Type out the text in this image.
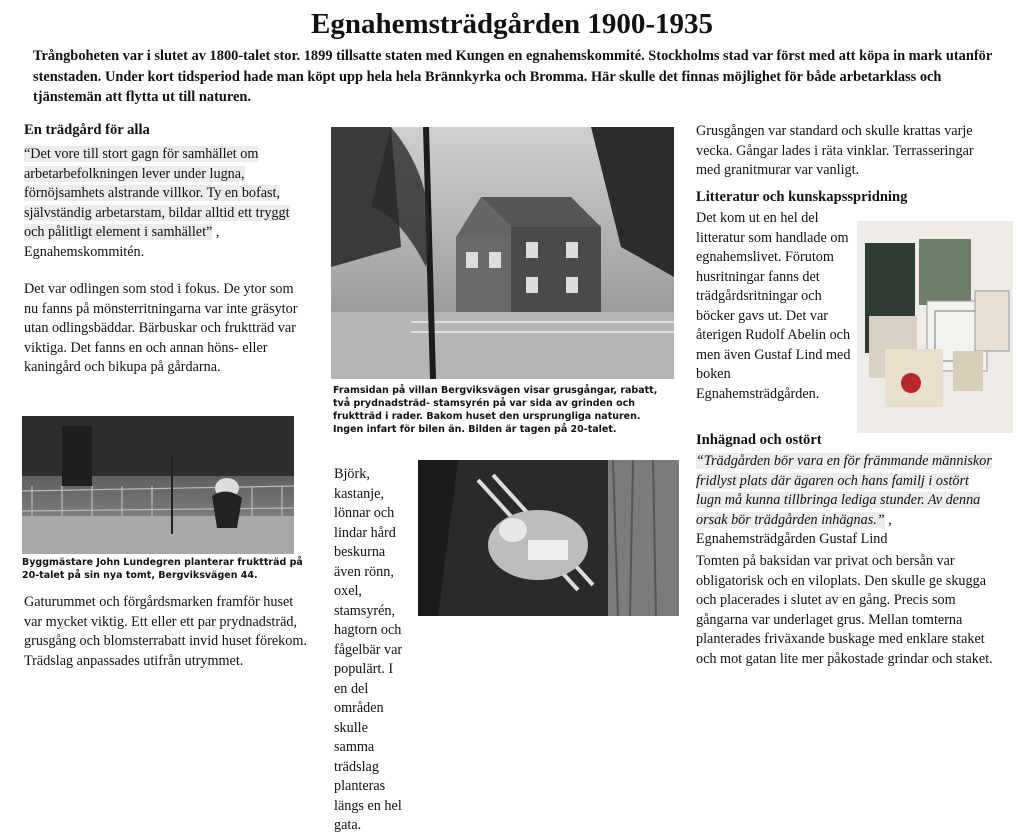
Egnahemsträdgården 1900-1935
Trångboheten var i slutet av 1800-talet stor. 1899 tillsatte staten med Kungen en egnahemskommité. Stockholms stad var först med att köpa in mark utanför stenstaden. Under kort tidsperiod hade man köpt upp hela hela Brännkyrka och Bromma. Här skulle det finnas möjlighet för både arbetarklass och tjänstemän att flytta ut till naturen.
En trädgård för alla
“Det vore till stort gagn för samhället om arbetarbefolkningen lever under lugna, förnöjsamhets alstrande villkor. Ty en bofast, självständig arbetarstam, bildar alltid ett tryggt och pålitligt element i samhället” , Egnahemskommitén.
Det var odlingen som stod i fokus. De ytor som nu fanns på mönsterritningarna var inte gräsytor utan odlingsbäddar. Bärbuskar och fruktträd var viktiga. Det fanns en och annan höns- eller kaningård och bikupa på gårdarna.
Byggmästare John Lundegren planterar fruktträd på 20-talet på sin nya tomt, Bergviksvägen 44.
Gaturummet och förgårdsmarken framför huset var mycket viktig. Ett eller ett par prydnadsträd, grusgång och blomsterrabatt invid huset förekom. Trädslag anpassades utifrån utrymmet.
Framsidan på villan Bergviksvägen visar grusgångar, rabatt, två prydnadsträd- stamsyrén på var sida av grinden och fruktträd i rader. Bakom huset den ursprungliga naturen. Ingen infart för bilen än. Bilden är tagen på 20-talet.
Björk, kastanje, lönnar och lindar hård beskurna även rönn, oxel, stamsyrén, hagtorn och fågelbär var populärt. I en del områden skulle samma trädslag planteras längs en hel gata.
Grusgången var standard och skulle krattas varje vecka. Gångar lades i räta vinklar. Terrasseringar med granitmurar var vanligt.
Litteratur och kunskapsspridning
Det kom ut en hel del litteratur som handlade om egnahemslivet. Förutom husritningar fanns det trädgårdsritningar och böcker gavs ut. Det var återigen Rudolf Abelin och men även Gustaf Lind med boken Egnahemsträdgården.
Inhägnad och ostört
“Trädgården bör vara en för främmande människor fridlyst plats där ägaren och hans familj i ostört lugn må kunna tillbringa lediga stunder. Av denna orsak bör trädgården inhägnas.” , Egnahemsträdgården Gustaf Lind
Tomten på baksidan var privat och bersån var obligatorisk och en viloplats. Den skulle ge skugga och placerades i slutet av en gång. Precis som gångarna var underlaget grus. Mellan tomterna planterades friväxande buskage med enklare staket och mot gatan lite mer påkostade grindar och staket.
